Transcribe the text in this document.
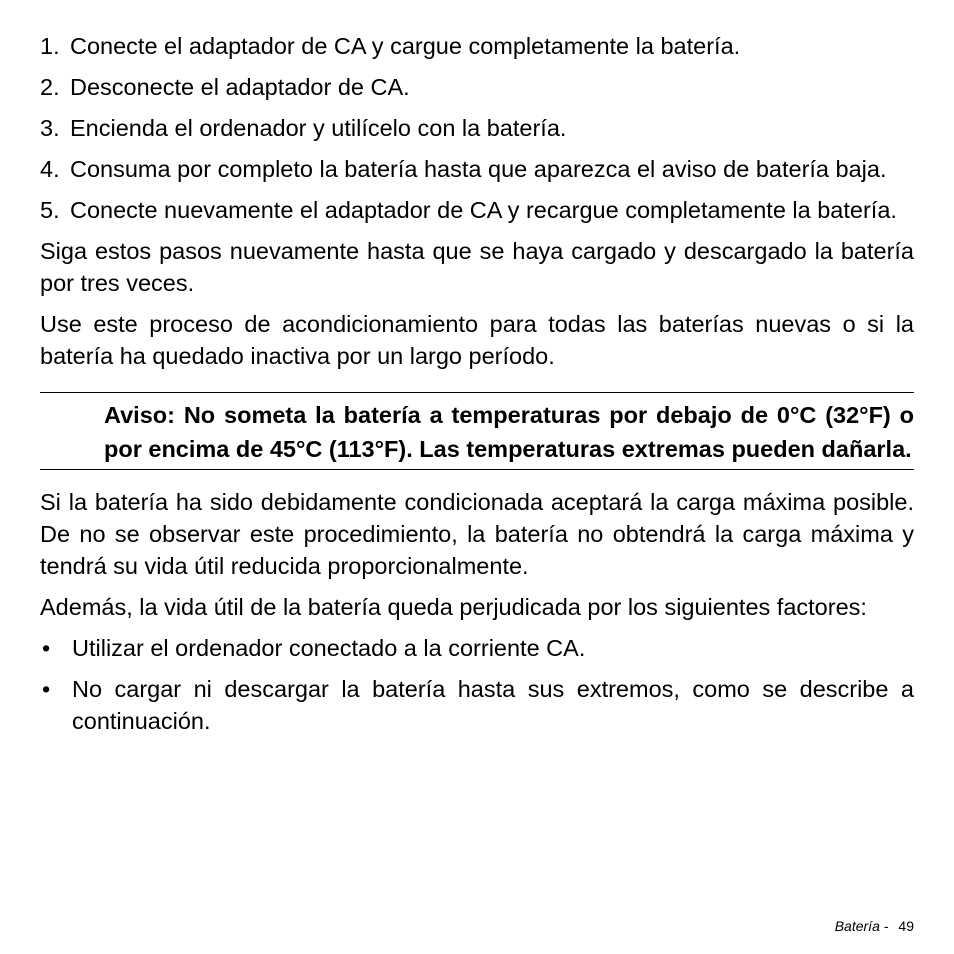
1. Conecte el adaptador de CA y cargue completamente la batería.
2. Desconecte el adaptador de CA.
3. Encienda el ordenador y utilícelo con la batería.
4. Consuma por completo la batería hasta que aparezca el aviso de batería baja.
5. Conecte nuevamente el adaptador de CA y recargue completamente la batería.

Siga estos pasos nuevamente hasta que se haya cargado y descargado la batería por tres veces.

Use este proceso de acondicionamiento para todas las baterías nuevas o si la batería ha quedado inactiva por un largo período.

Aviso: No someta la batería a temperaturas por debajo de 0°C (32°F) o por encima de 45°C (113°F). Las temperaturas extremas pueden dañarla.

Si la batería ha sido debidamente condicionada aceptará la carga máxima posible. De no se observar este procedimiento, la batería no obtendrá la carga máxima y tendrá su vida útil reducida proporcionalmente.

Además, la vida útil de la batería queda perjudicada por los siguientes factores:

• Utilizar el ordenador conectado a la corriente CA.
• No cargar ni descargar la batería hasta sus extremos, como se describe a continuación.
Batería - 49
